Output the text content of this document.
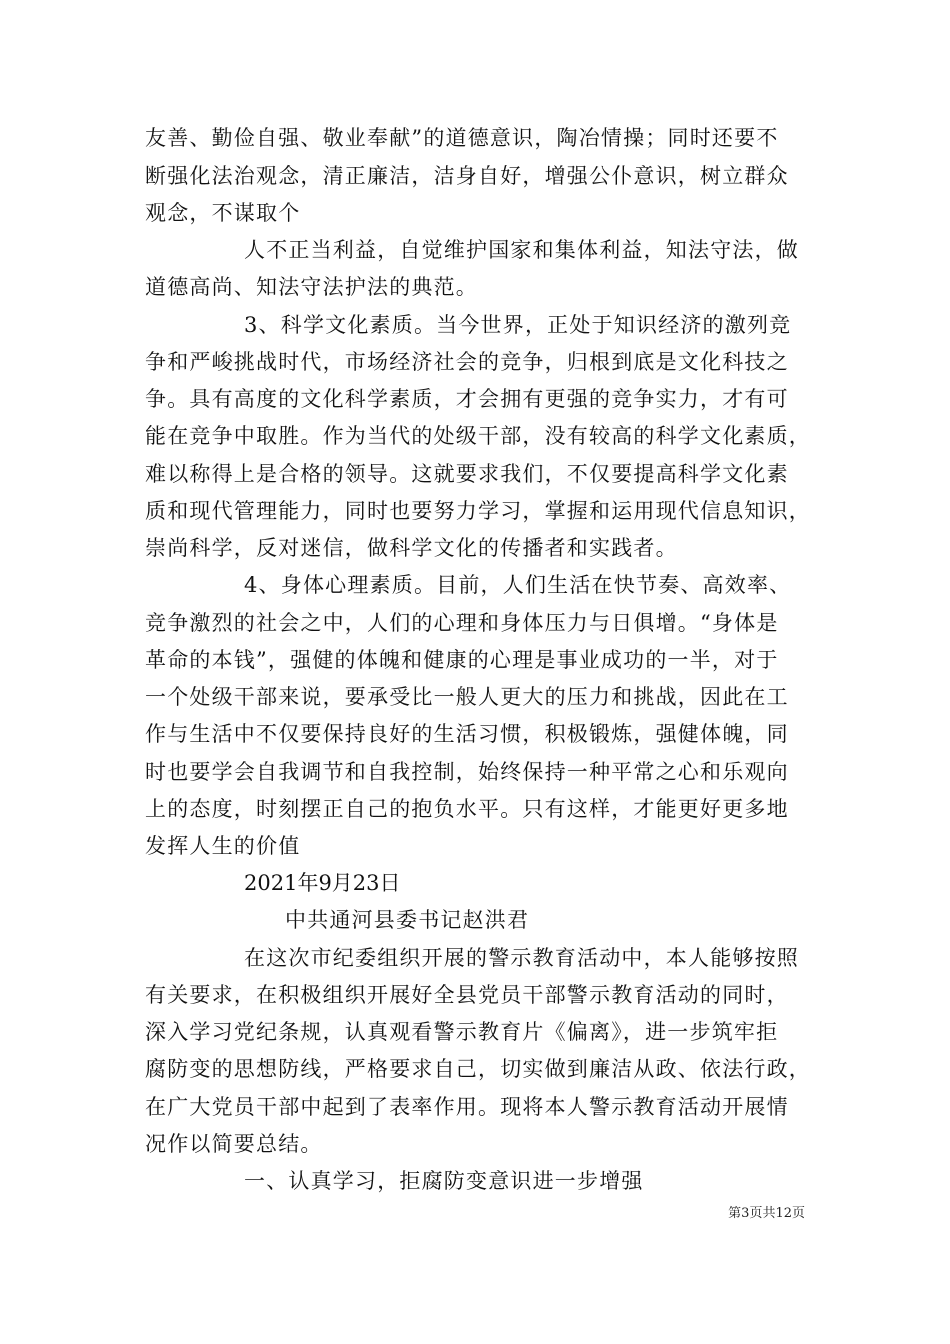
友善、勤俭自强、敬业奉献”的道德意识，陶冶情操；同时还要不
断强化法治观念，清正廉洁，洁身自好，增强公仆意识，树立群众
观念，不谋取个
人不正当利益，自觉维护国家和集体利益，知法守法，做
道德高尚、知法守法护法的典范。
3、科学文化素质。当今世界，正处于知识经济的激列竞
争和严峻挑战时代，市场经济社会的竞争，归根到底是文化科技之
争。具有高度的文化科学素质，才会拥有更强的竞争实力，才有可
能在竞争中取胜。作为当代的处级干部，没有较高的科学文化素质，
难以称得上是合格的领导。这就要求我们，不仅要提高科学文化素
质和现代管理能力，同时也要努力学习，掌握和运用现代信息知识，
崇尚科学，反对迷信，做科学文化的传播者和实践者。
4、身体心理素质。目前，人们生活在快节奏、高效率、
竞争激烈的社会之中，人们的心理和身体压力与日俱增。“身体是
革命的本钱”，强健的体魄和健康的心理是事业成功的一半，对于
一个处级干部来说，要承受比一般人更大的压力和挑战，因此在工
作与生活中不仅要保持良好的生活习惯，积极锻炼，强健体魄，同
时也要学会自我调节和自我控制，始终保持一种平常之心和乐观向
上的态度，时刻摆正自己的抱负水平。只有这样，才能更好更多地
发挥人生的价值
2021年9月23日
中共通河县委书记赵洪君
在这次市纪委组织开展的警示教育活动中，本人能够按照
有关要求，在积极组织开展好全县党员干部警示教育活动的同时，
深入学习党纪条规，认真观看警示教育片《偏离》，进一步筑牢拒
腐防变的思想防线，严格要求自己，切实做到廉洁从政、依法行政，
在广大党员干部中起到了表率作用。现将本人警示教育活动开展情
况作以简要总结。
一、认真学习，拒腐防变意识进一步增强
第3页共12页
